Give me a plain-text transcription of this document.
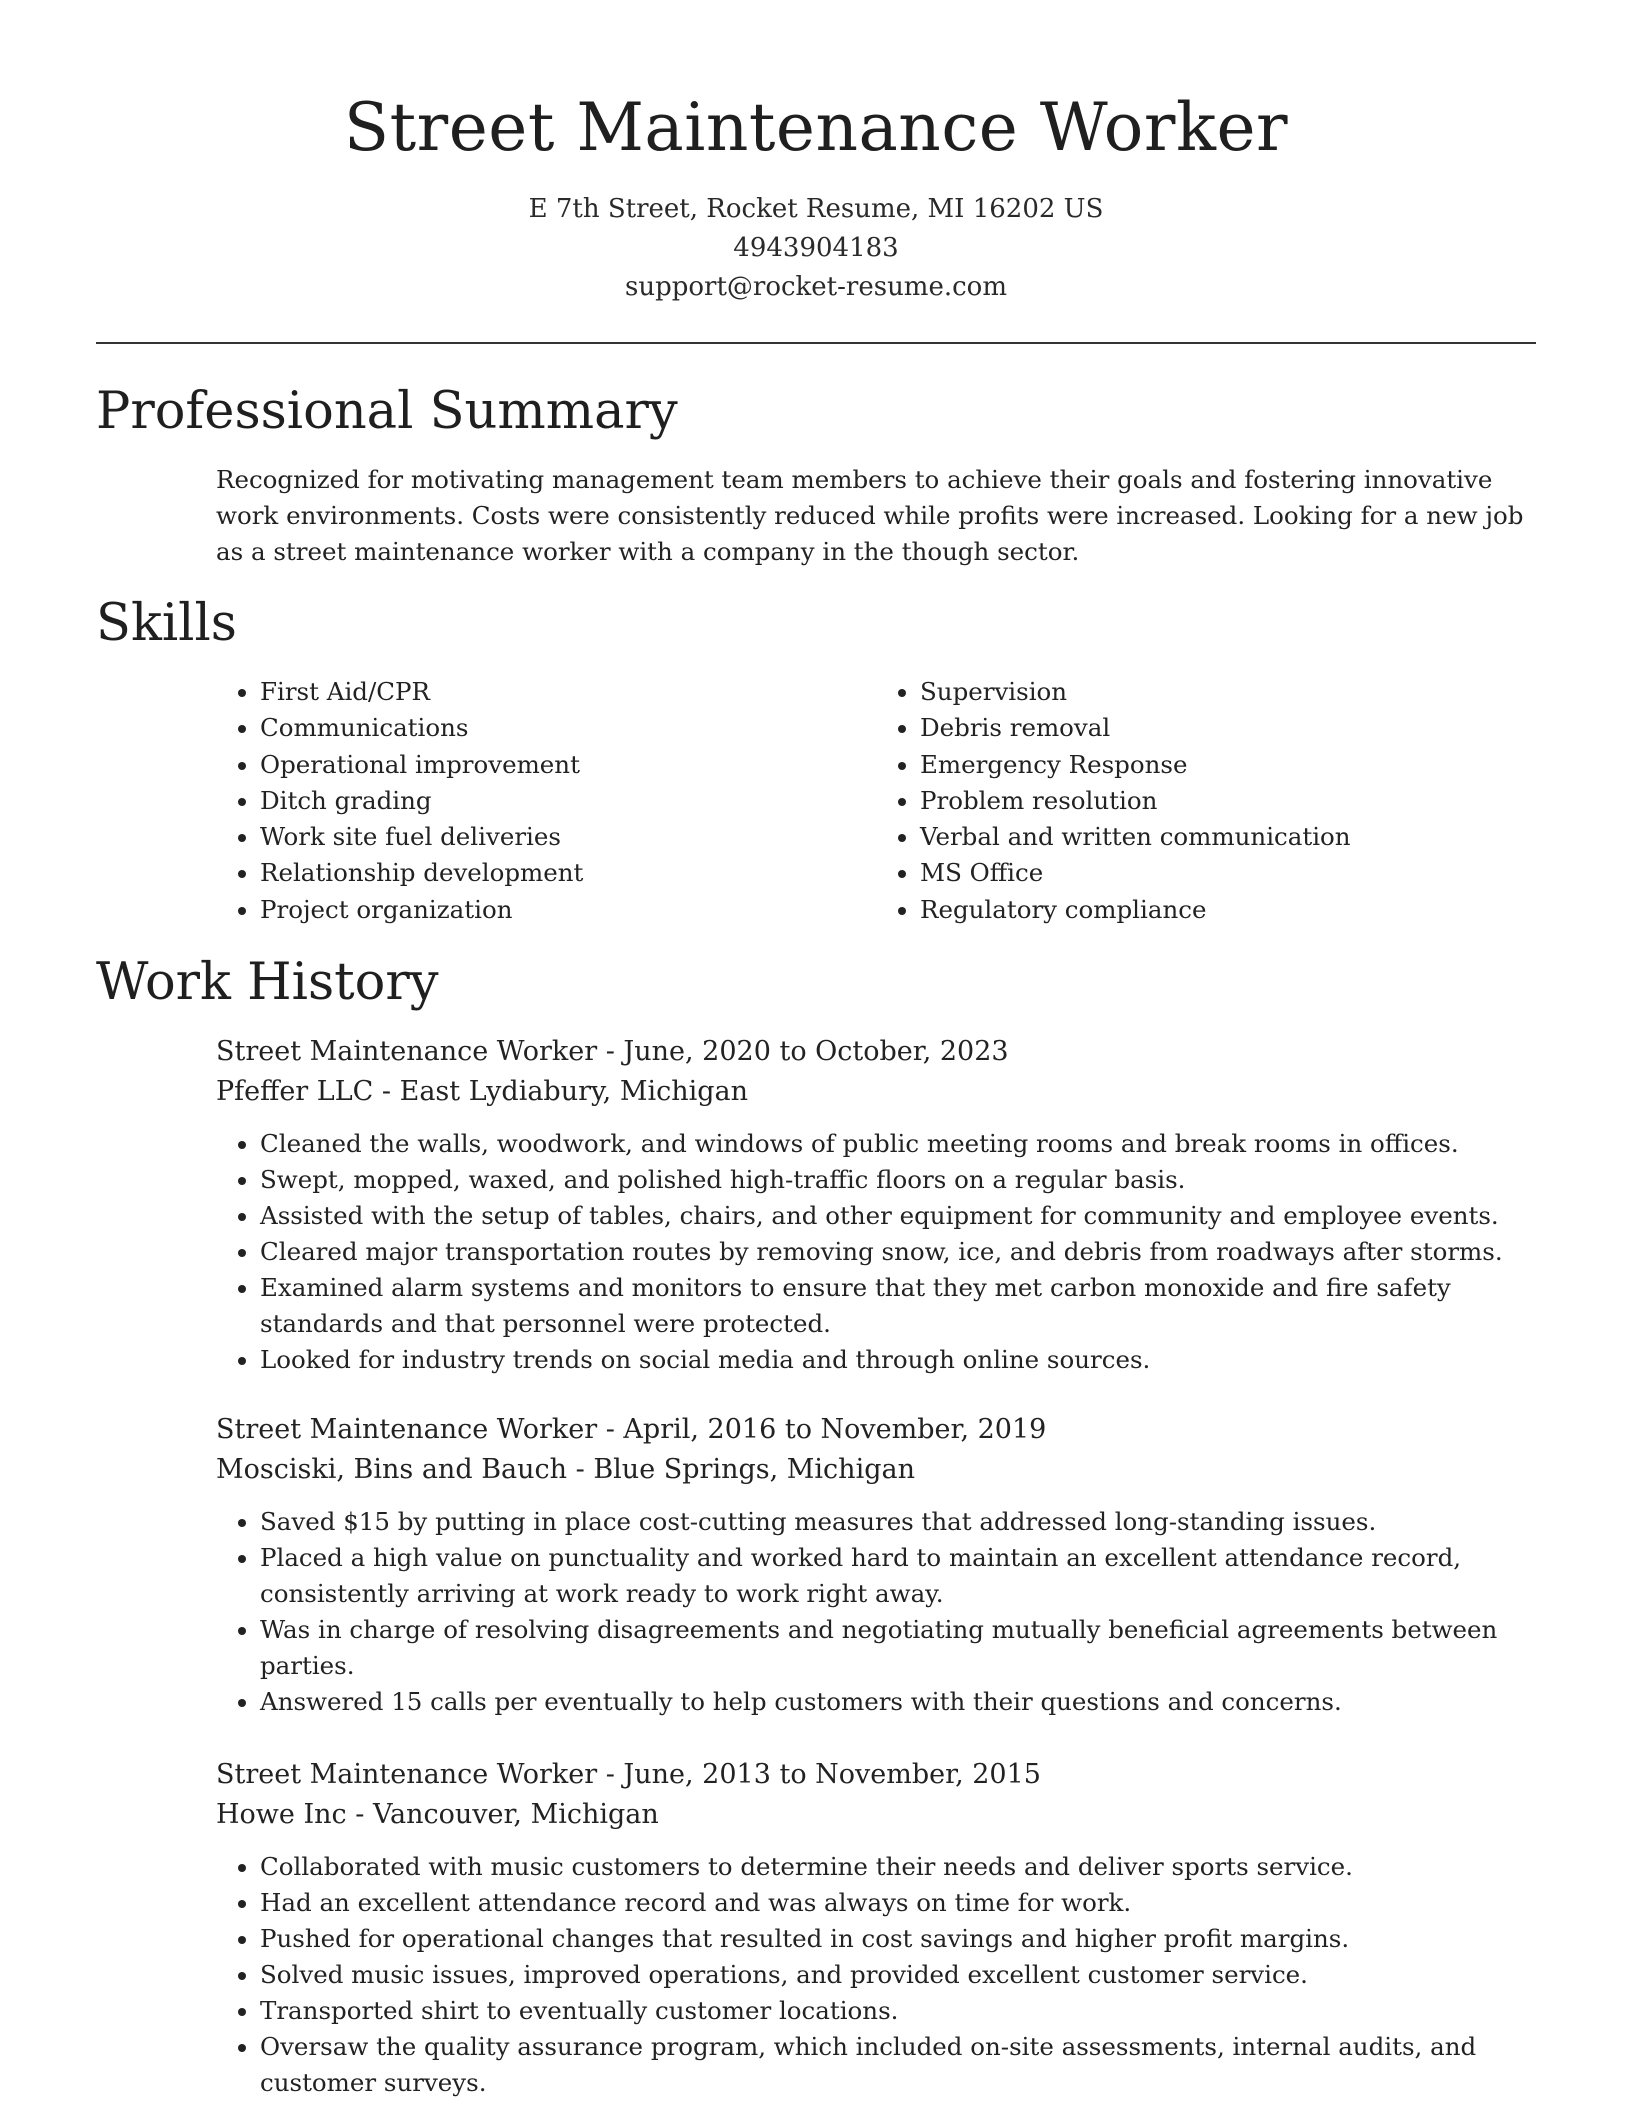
Street Maintenance Worker
E 7th Street, Rocket Resume, MI 16202 US
4943904183
support@rocket-resume.com
Professional Summary

Recognized for motivating management team members to achieve their goals and fostering innovative work environments. Costs were consistently reduced while profits were increased. Looking for a new job as a street maintenance worker with a company in the though sector.

Skills
• First Aid/CPR
• Communications
• Operational improvement
• Ditch grading
• Work site fuel deliveries
• Relationship development
• Project organization
• Supervision
• Debris removal
• Emergency Response
• Problem resolution
• Verbal and written communication
• MS Office
• Regulatory compliance
Work History

Street Maintenance Worker - June, 2020 to October, 2023

Pfeffer LLC - East Lydiabury, Michigan

• Cleaned the walls, woodwork, and windows of public meeting rooms and break rooms in offices.
• Swept, mopped, waxed, and polished high-traffic floors on a regular basis.
• Assisted with the setup of tables, chairs, and other equipment for community and employee events.
• Cleared major transportation routes by removing snow, ice, and debris from roadways after storms.
• Examined alarm systems and monitors to ensure that they met carbon monoxide and fire safety standards and that personnel were protected.
• Looked for industry trends on social media and through online sources.

Street Maintenance Worker - April, 2016 to November, 2019

Mosciski, Bins and Bauch - Blue Springs, Michigan

• Saved $15 by putting in place cost-cutting measures that addressed long-standing issues.
• Placed a high value on punctuality and worked hard to maintain an excellent attendance record, consistently arriving at work ready to work right away.
• Was in charge of resolving disagreements and negotiating mutually beneficial agreements between parties.
• Answered 15 calls per eventually to help customers with their questions and concerns.

Street Maintenance Worker - June, 2013 to November, 2015

Howe Inc - Vancouver, Michigan

• Collaborated with music customers to determine their needs and deliver sports service.
• Had an excellent attendance record and was always on time for work.
• Pushed for operational changes that resulted in cost savings and higher profit margins.
• Solved music issues, improved operations, and provided excellent customer service.
• Transported shirt to eventually customer locations.
• Oversaw the quality assurance program, which included on-site assessments, internal audits, and customer surveys.
